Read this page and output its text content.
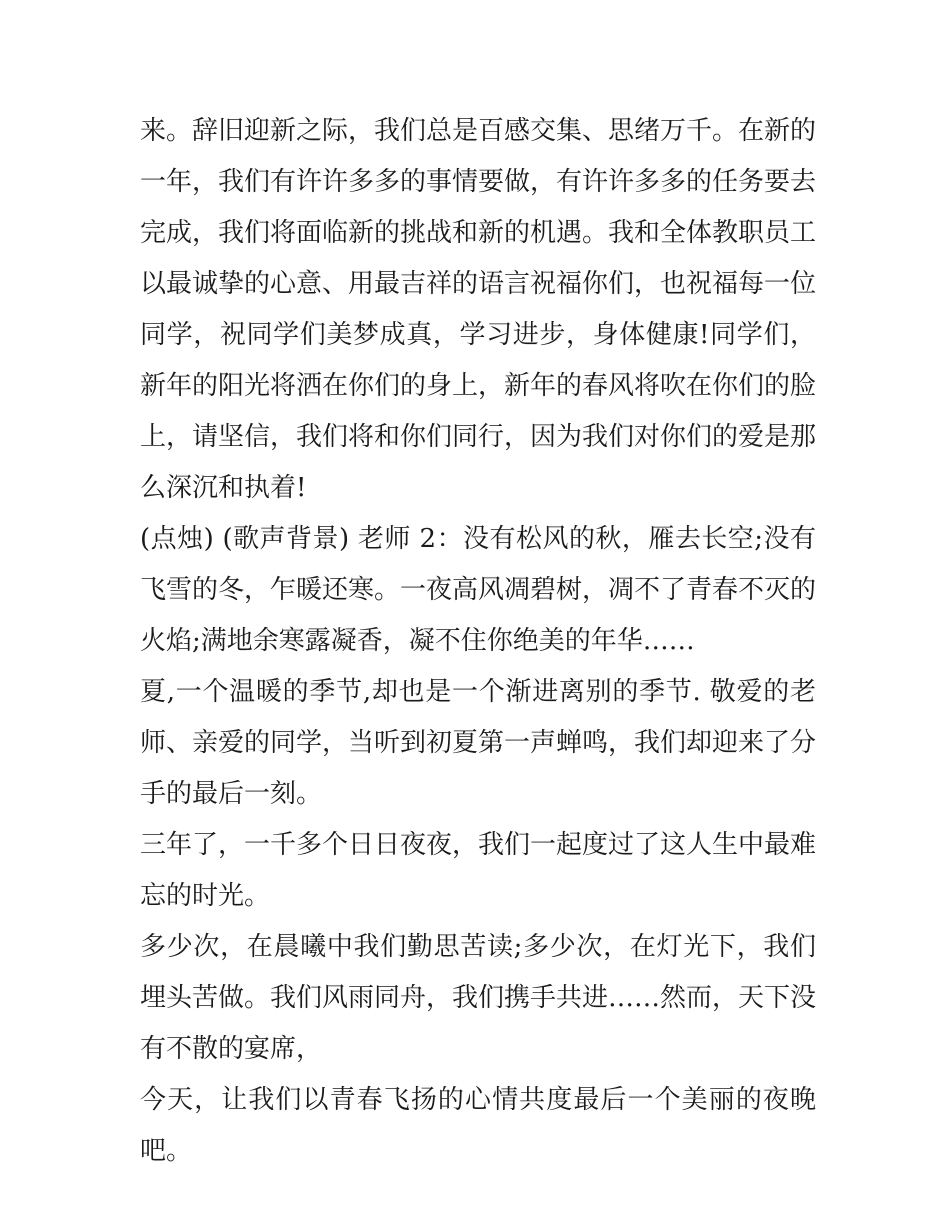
来。辞旧迎新之际，我们总是百感交集、思绪万千。在新的一年，我们有许许多多的事情要做，有许许多多的任务要去完成，我们将面临新的挑战和新的机遇。我和全体教职员工以最诚挚的心意、用最吉祥的语言祝福你们，也祝福每一位同学，祝同学们美梦成真，学习进步，身体健康!同学们，新年的阳光将洒在你们的身上，新年的春风将吹在你们的脸上，请坚信，我们将和你们同行，因为我们对你们的爱是那么深沉和执着!

(点烛) (歌声背景) 老师 2：没有松风的秋，雁去长空;没有飞雪的冬，乍暖还寒。一夜高风凋碧树，凋不了青春不灭的火焰;满地余寒露凝香，凝不住你绝美的年华……

夏,一个温暖的季节,却也是一个渐进离别的季节. 敬爱的老师、亲爱的同学，当听到初夏第一声蝉鸣，我们却迎来了分手的最后一刻。

三年了，一千多个日日夜夜，我们一起度过了这人生中最难忘的时光。

多少次，在晨曦中我们勤思苦读;多少次，在灯光下，我们埋头苦做。我们风雨同舟，我们携手共进……然而，天下没有不散的宴席，

今天，让我们以青春飞扬的心情共度最后一个美丽的夜晚吧。
